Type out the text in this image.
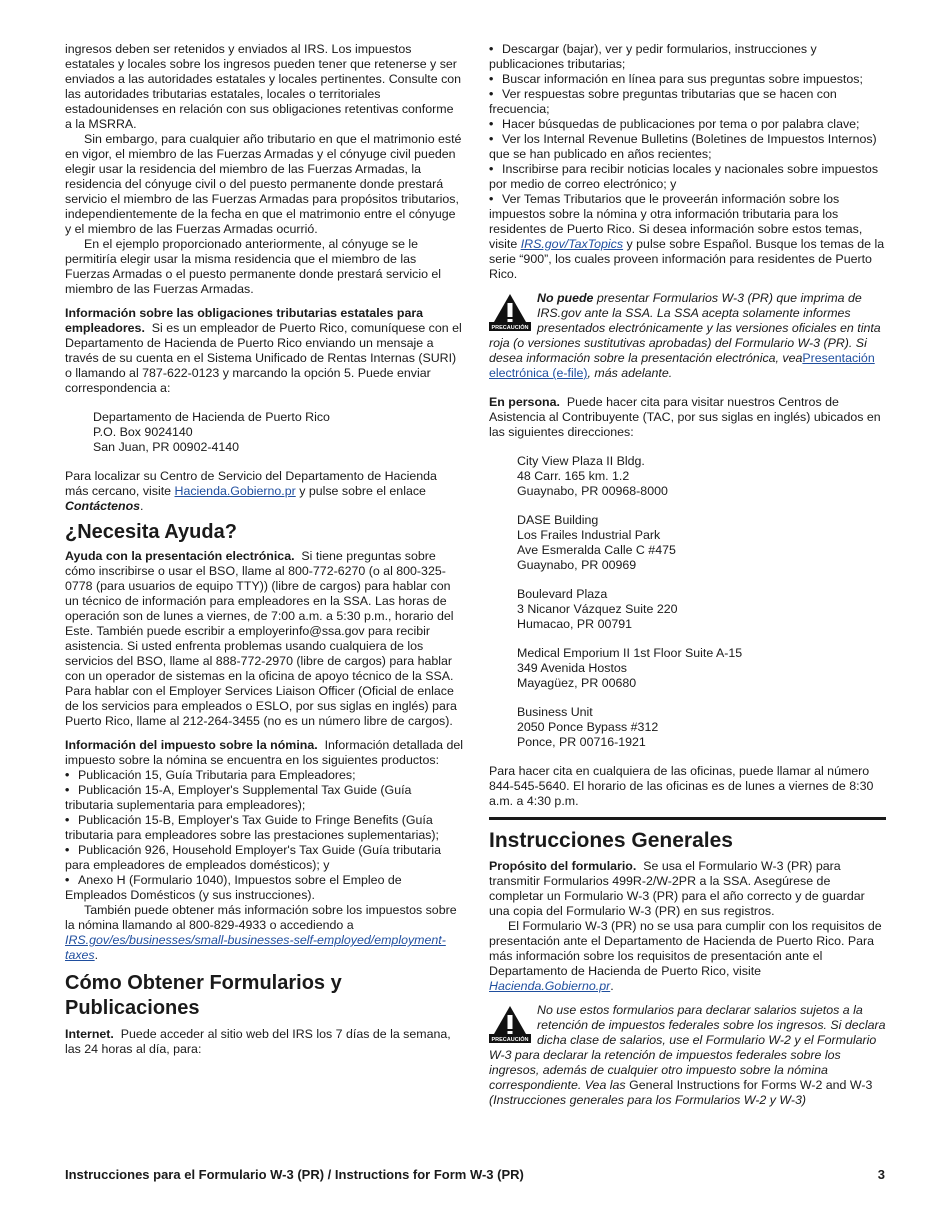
ingresos deben ser retenidos y enviados al IRS. Los impuestos estatales y locales sobre los ingresos pueden tener que retenerse y ser enviados a las autoridades estatales y locales pertinentes. Consulte con las autoridades tributarias estatales, locales o territoriales estadounidenses en relación con sus obligaciones retentivas conforme a la MSRRA.

Sin embargo, para cualquier año tributario en que el matrimonio esté en vigor, el miembro de las Fuerzas Armadas y el cónyuge civil pueden elegir usar la residencia del miembro de las Fuerzas Armadas, la residencia del cónyuge civil o del puesto permanente donde prestará servicio el miembro de las Fuerzas Armadas para propósitos tributarios, independientemente de la fecha en que el matrimonio entre el cónyuge y el miembro de las Fuerzas Armadas ocurrió.

En el ejemplo proporcionado anteriormente, al cónyuge se le permitiría elegir usar la misma residencia que el miembro de las Fuerzas Armadas o el puesto permanente donde prestará servicio el miembro de las Fuerzas Armadas.

Información sobre las obligaciones tributarias estatales para empleadores. Si es un empleador de Puerto Rico, comuníquese con el Departamento de Hacienda de Puerto Rico enviando un mensaje a través de su cuenta en el Sistema Unificado de Rentas Internas (SURI) o llamando al 787-622-0123 y marcando la opción 5. Puede enviar correspondencia a:

Departamento de Hacienda de Puerto Rico
P.O. Box 9024140
San Juan, PR 00902-4140

Para localizar su Centro de Servicio del Departamento de Hacienda más cercano, visite Hacienda.Gobierno.pr y pulse sobre el enlace Contáctenos.

¿Necesita Ayuda?

Ayuda con la presentación electrónica. Si tiene preguntas sobre cómo inscribirse o usar el BSO, llame al 800-772-6270 (o al 800-325-0778 (para usuarios de equipo TTY)) (libre de cargos) para hablar con un técnico de información para empleadores en la SSA. Las horas de operación son de lunes a viernes, de 7:00 a.m. a 5:30 p.m., horario del Este. También puede escribir a employerinfo@ssa.gov para recibir asistencia. Si usted enfrenta problemas usando cualquiera de los servicios del BSO, llame al 888-772-2970 (libre de cargos) para hablar con un operador de sistemas en la oficina de apoyo técnico de la SSA. Para hablar con el Employer Services Liaison Officer (Oficial de enlace de los servicios para empleados o ESLO, por sus siglas en inglés) para Puerto Rico, llame al 212-264-3455 (no es un número libre de cargos).

Información del impuesto sobre la nómina. Información detallada del impuesto sobre la nómina se encuentra en los siguientes productos:

• Publicación 15, Guía Tributaria para Empleadores;
• Publicación 15-A, Employer's Supplemental Tax Guide (Guía tributaria suplementaria para empleadores);
• Publicación 15-B, Employer's Tax Guide to Fringe Benefits (Guía tributaria para empleadores sobre las prestaciones suplementarias);
• Publicación 926, Household Employer's Tax Guide (Guía tributaria para empleadores de empleados domésticos); y
• Anexo H (Formulario 1040), Impuestos sobre el Empleo de Empleados Domésticos (y sus instrucciones).

También puede obtener más información sobre los impuestos sobre la nómina llamando al 800-829-4933 o accediendo a IRS.gov/es/businesses/small-businesses-self-employed/employment-taxes.

Cómo Obtener Formularios y Publicaciones

Internet. Puede acceder al sitio web del IRS los 7 días de la semana, las 24 horas al día, para:

• Descargar (bajar), ver y pedir formularios, instrucciones y publicaciones tributarias;
• Buscar información en línea para sus preguntas sobre impuestos;
• Ver respuestas sobre preguntas tributarias que se hacen con frecuencia;
• Hacer búsquedas de publicaciones por tema o por palabra clave;
• Ver los Internal Revenue Bulletins (Boletines de Impuestos Internos) que se han publicado en años recientes;
• Inscribirse para recibir noticias locales y nacionales sobre impuestos por medio de correo electrónico; y
• Ver Temas Tributarios que le proveerán información sobre los impuestos sobre la nómina y otra información tributaria para los residentes de Puerto Rico. Si desea información sobre estos temas, visite IRS.gov/TaxTopics y pulse sobre Español. Busque los temas de la serie “900”, los cuales proveen información para residentes de Puerto Rico.
PRECAUCIÓN
No puede presentar Formularios W-3 (PR) que imprima de IRS.gov ante la SSA. La SSA acepta solamente informes presentados electrónicamente y las versiones oficiales en tinta roja (o versiones sustitutivas aprobadas) del Formulario W-3 (PR). Si desea información sobre la presentación electrónica, veaPresentación electrónica (e-file), más adelante.

En persona. Puede hacer cita para visitar nuestros Centros de Asistencia al Contribuyente (TAC, por sus siglas en inglés) ubicados en las siguientes direcciones:

City View Plaza II Bldg.
48 Carr. 165 km. 1.2
Guaynabo, PR 00968-8000
DASE Building
Los Frailes Industrial Park
Ave Esmeralda Calle C #475
Guaynabo, PR 00969
Boulevard Plaza
3 Nicanor Vázquez Suite 220
Humacao, PR 00791
Medical Emporium II 1st Floor Suite A-15
349 Avenida Hostos
Mayagüez, PR 00680
Business Unit
2050 Ponce Bypass #312
Ponce, PR 00716-1921

Para hacer cita en cualquiera de las oficinas, puede llamar al número 844-545-5640. El horario de las oficinas es de lunes a viernes de 8:30 a.m. a 4:30 p.m.

Instrucciones Generales

Propósito del formulario. Se usa el Formulario W-3 (PR) para transmitir Formularios 499R-2/W-2PR a la SSA. Asegúrese de completar un Formulario W-3 (PR) para el año correcto y de guardar una copia del Formulario W-3 (PR) en sus registros.

El Formulario W-3 (PR) no se usa para cumplir con los requisitos de presentación ante el Departamento de Hacienda de Puerto Rico. Para más información sobre los requisitos de presentación ante el Departamento de Hacienda de Puerto Rico, visite Hacienda.Gobierno.pr.

PRECAUCIÓN
No use estos formularios para declarar salarios sujetos a la retención de impuestos federales sobre los ingresos. Si declara dicha clase de salarios, use el Formulario W-2 y el Formulario W-3 para declarar la retención de impuestos federales sobre los ingresos, además de cualquier otro impuesto sobre la nómina correspondiente. Vea las General Instructions for Forms W-2 and W-3 (Instrucciones generales para los Formularios W-2 y W-3)
Instrucciones para el Formulario W-3 (PR) / Instructions for Form W-3 (PR)	3
